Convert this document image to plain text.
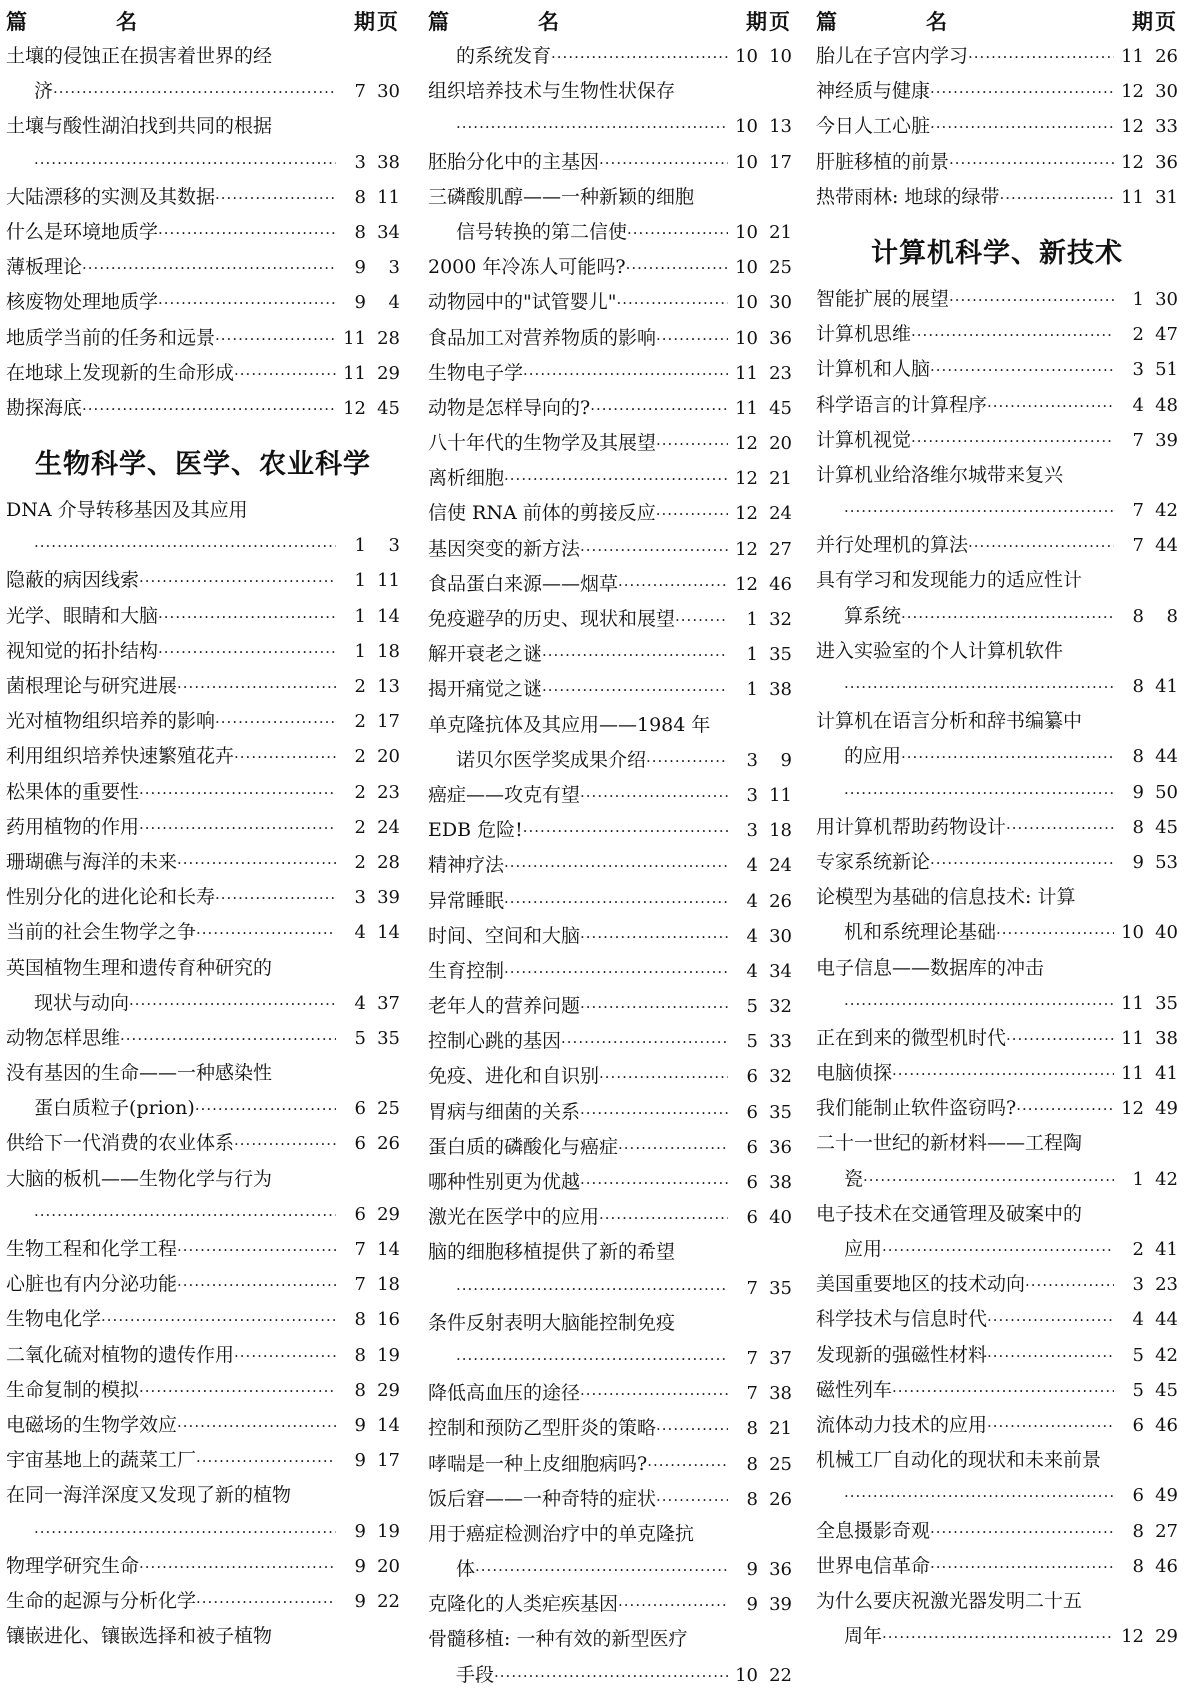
篇	名	期页
土壤的侵蚀正在损害着世界的经
济 ·····	7 30
土壤与酸性湖泊找到共同的根据
·····
3 38
大陆漂移的实测及其数据 ·····	8 11
什么是环境地质学 ·····	8 34
薄板理论 ·····	9	3
核废物处理地质学 ·····	9	4
地质学当前的任务和远景 ·····	11 28
在地球上发现新的生命形成 ·····	11 29
勘探海底 ·····	12 45
生物科学、医学、农业科学
DNA 介导转移基因及其应用
·····
1	3
隐蔽的病因线索 ·····	1 11
光学、眼睛和大脑 ·····	1 14
视知觉的拓扑结构 ·····	1 18
菌根理论与研究进展 ·····	2 13
光对植物组织培养的影响 ·····	2 17
利用组织培养快速繁殖花卉 ·····	2 20
松果体的重要性 ·····	2 23
药用植物的作用 ·····	2 24
珊瑚礁与海洋的未来 ·····	2 28
性别分化的进化论和长寿 ·····	3 39
当前的社会生物学之争 ·····	4 14
英国植物生理和遗传育种研究的
现状与动向 ·····	4 37
动物怎样思维 ·····	5 35
没有基因的生命——一种感染性
蛋白质粒子(prion) ·····	6 25
供给下一代消费的农业体系 ·····	6 26
大脑的板机——生物化学与行为
·····
6 29
生物工程和化学工程 ·····	7 14
心脏也有内分泌功能 ·····	7 18
生物电化学 ·····	8 16
二氧化硫对植物的遗传作用 ·····	8 19
生命复制的模拟 ·····	8 29
电磁场的生物学效应 ·····	9 14
宇宙基地上的蔬菜工厂 ·····	9 17
在同一海洋深度又发现了新的植物
·····
9 19
物理学研究生命 ·····	9 20
生命的起源与分析化学 ·····	9 22
镶嵌进化、镶嵌选择和被子植物
篇	名	期页
的系统发育 ·····	10 10
组织培养技术与生物性状保存
·····
10 13
胚胎分化中的主基因 ·····	10 17
三磷酸肌醇——一种新颖的细胞
信号转换的第二信使 ·····	10 21
2000 年冷冻人可能吗? ·····	10 25
动物园中的"试管婴儿" ·····	10 30
食品加工对营养物质的影响 ·····	10 36
生物电子学 ·····	11 23
动物是怎样导向的? ·····	11 45
八十年代的生物学及其展望 ·····	12 20
离析细胞 ·····	12 21
信使 RNA 前体的剪接反应 ·····	12 24
基因突变的新方法 ·····	12 27
食品蛋白来源——烟草 ·····	12 46
免疫避孕的历史、现状和展望 ·····	1 32
解开衰老之谜 ·····	1 35
揭开痛觉之谜 ·····	1 38
单克隆抗体及其应用——1984 年
诺贝尔医学奖成果介绍 ·····	3	9
癌症——攻克有望 ·····	3 11
EDB 危险! ·····	3 18
精神疗法 ·····	4 24
异常睡眠 ·····	4 26
时间、空间和大脑 ·····	4 30
生育控制 ·····	4 34
老年人的营养问题 ·····	5 32
控制心跳的基因 ·····	5 33
免疫、进化和自识别 ·····	6 32
胃病与细菌的关系 ·····	6 35
蛋白质的磷酸化与癌症 ·····	6 36
哪种性别更为优越 ·····	6 38
激光在医学中的应用 ·····	6 40
脑的细胞移植提供了新的希望
·····
7 35
条件反射表明大脑能控制免疫
·····
7 37
降低高血压的途径 ·····	7 38
控制和预防乙型肝炎的策略 ·····	8 21
哮喘是一种上皮细胞病吗? ·····	8 25
饭后窘——一种奇特的症状 ·····	8 26
用于癌症检测治疗中的单克隆抗
体 ·····	9 36
克隆化的人类疟疾基因 ·····	9 39
骨髓移植: 一种有效的新型医疗
手段 ·····	10 22
篇	名	期页
胎儿在子宫内学习 ·····	11 26
神经质与健康 ·····	12 30
今日人工心脏 ·····	12 33
肝脏移植的前景 ·····	12 36
热带雨林: 地球的绿带 ·····	11 31
计算机科学、新技术
智能扩展的展望 ·····	1 30
计算机思维 ·····	2 47
计算机和人脑 ·····	3 51
科学语言的计算程序 ·····	4 48
计算机视觉 ·····	7 39
计算机业给洛维尔城带来复兴
·····
7 42
并行处理机的算法 ·····	7 44
具有学习和发现能力的适应性计
算系统 ·····	8	8
进入实验室的个人计算机软件
·····
8 41
计算机在语言分析和辞书编纂中
的应用 ·····	8 44
·····
9 50
用计算机帮助药物设计 ·····	8 45
专家系统新论 ·····	9 53
论模型为基础的信息技术: 计算
机和系统理论基础 ·····	10 40
电子信息——数据库的冲击
·····
11 35
正在到来的微型机时代 ·····	11 38
电脑侦探 ·····	11 41
我们能制止软件盗窃吗? ·····	12 49
二十一世纪的新材料——工程陶
瓷 ·····	1 42
电子技术在交通管理及破案中的
应用 ·····	2 41
美国重要地区的技术动向 ·····	3 23
科学技术与信息时代 ·····	4 44
发现新的强磁性材料 ·····	5 42
磁性列车 ·····	5 45
流体动力技术的应用 ·····	6 46
机械工厂自动化的现状和未来前景
·····
6 49
全息摄影奇观 ·····	8 27
世界电信革命 ·····	8 46
为什么要庆祝激光器发明二十五
周年 ·····	12 29
